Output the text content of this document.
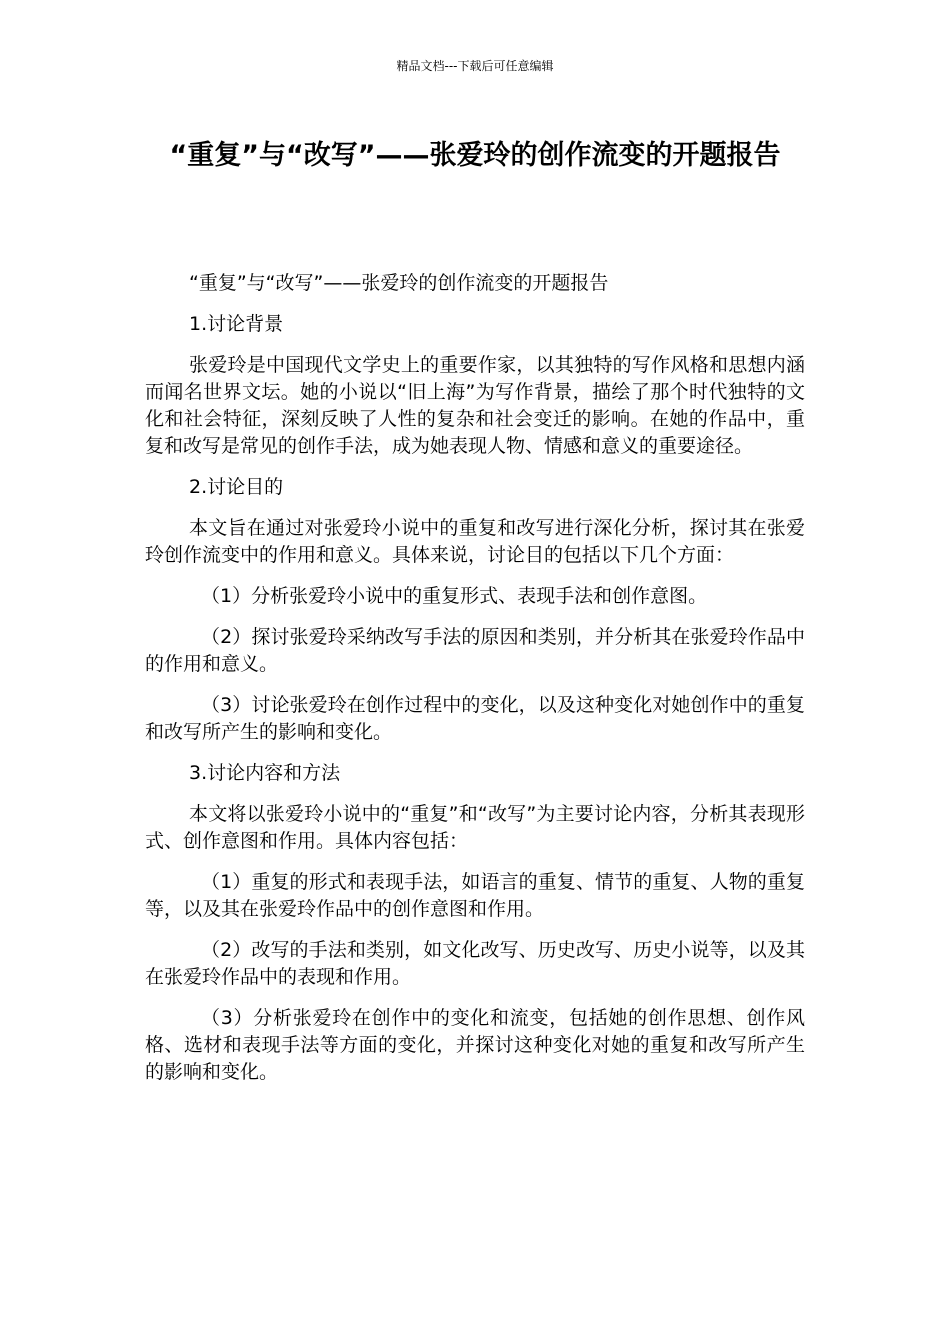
精品文档---下载后可任意编辑
“重复”与“改写”——张爱玲的创作流变的开题报告

“重复”与“改写”——张爱玲的创作流变的开题报告

1.讨论背景

张爱玲是中国现代文学史上的重要作家，以其独特的写作风格和思想内涵而闻名世界文坛。她的小说以“旧上海”为写作背景，描绘了那个时代独特的文化和社会特征，深刻反映了人性的复杂和社会变迁的影响。在她的作品中，重复和改写是常见的创作手法，成为她表现人物、情感和意义的重要途径。

2.讨论目的

本文旨在通过对张爱玲小说中的重复和改写进行深化分析，探讨其在张爱玲创作流变中的作用和意义。具体来说，讨论目的包括以下几个方面：

（1）分析张爱玲小说中的重复形式、表现手法和创作意图。

（2）探讨张爱玲采纳改写手法的原因和类别，并分析其在张爱玲作品中的作用和意义。

（3）讨论张爱玲在创作过程中的变化，以及这种变化对她创作中的重复和改写所产生的影响和变化。

3.讨论内容和方法

本文将以张爱玲小说中的“重复”和“改写”为主要讨论内容，分析其表现形式、创作意图和作用。具体内容包括：

（1）重复的形式和表现手法，如语言的重复、情节的重复、人物的重复等，以及其在张爱玲作品中的创作意图和作用。

（2）改写的手法和类别，如文化改写、历史改写、历史小说等，以及其在张爱玲作品中的表现和作用。

（3）分析张爱玲在创作中的变化和流变，包括她的创作思想、创作风格、选材和表现手法等方面的变化，并探讨这种变化对她的重复和改写所产生的影响和变化。
